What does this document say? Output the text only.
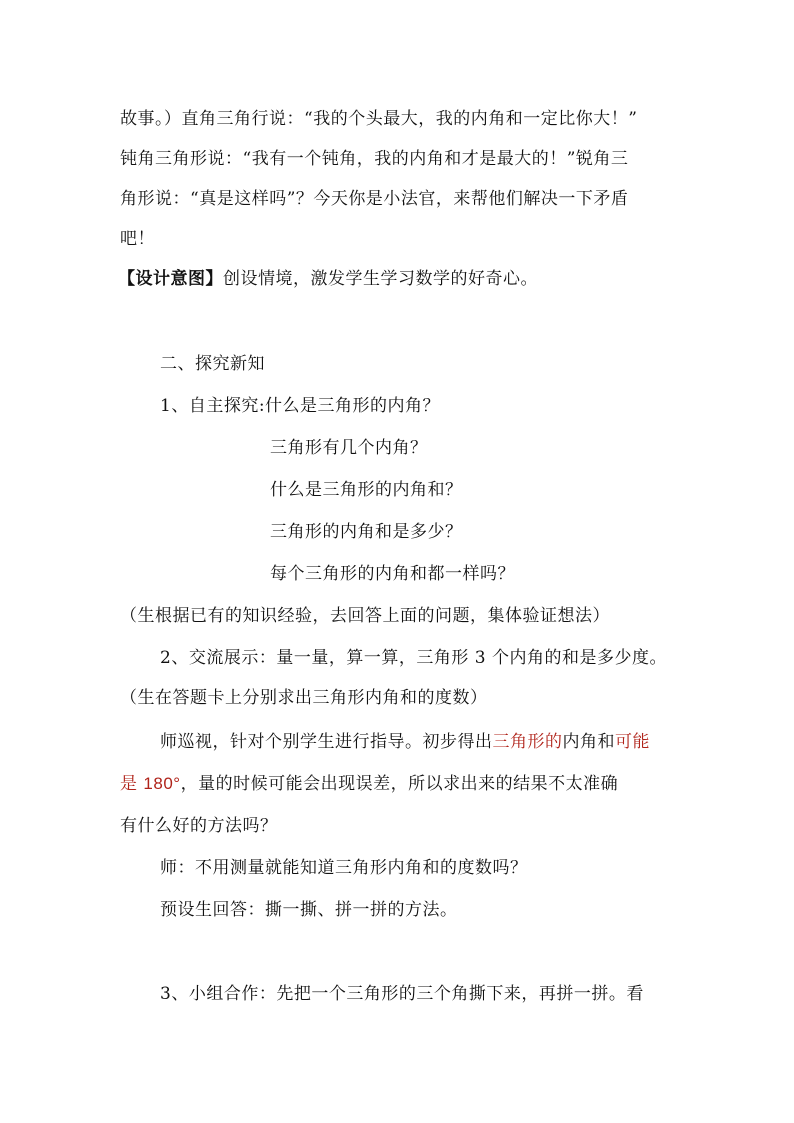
故事。）直角三角行说：“我的个头最大，我的内角和一定比你大！”
钝角三角形说：“我有一个钝角，我的内角和才是最大的！”锐角三
角形说：“真是这样吗”？今天你是小法官，来帮他们解决一下矛盾
吧！
【设计意图】创设情境，激发学生学习数学的好奇心。
二、探究新知
1、自主探究:什么是三角形的内角？
三角形有几个内角？
什么是三角形的内角和？
三角形的内角和是多少？
每个三角形的内角和都一样吗？
（生根据已有的知识经验，去回答上面的问题，集体验证想法）
2、交流展示：量一量，算一算，三角形 3 个内角的和是多少度。
（生在答题卡上分别求出三角形内角和的度数）
师巡视，针对个别学生进行指导。初步得出三角形的内角和可能
是 180°，量的时候可能会出现误差，所以求出来的结果不太准确
有什么好的方法吗？
师：不用测量就能知道三角形内角和的度数吗？
预设生回答：撕一撕、拼一拼的方法。
3、小组合作：先把一个三角形的三个角撕下来，再拼一拼。看
